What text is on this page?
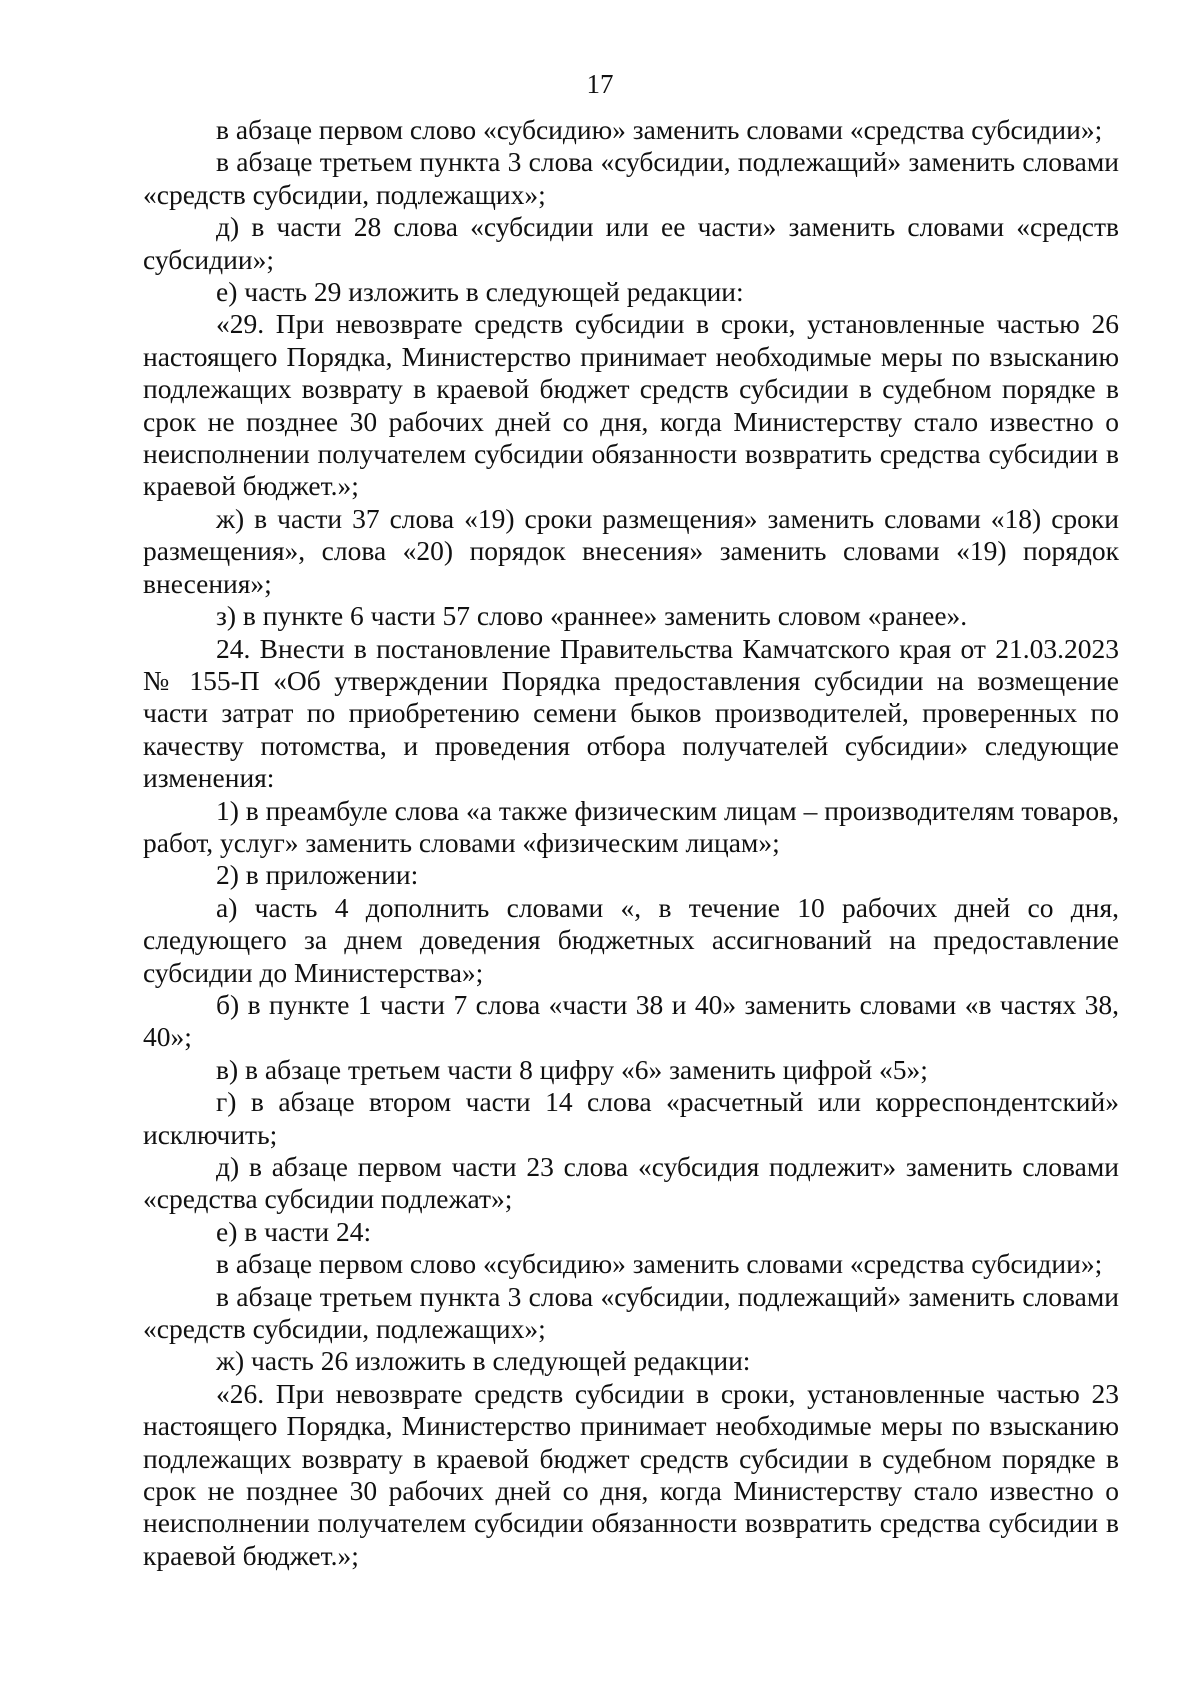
17

в абзаце первом слово «субсидию» заменить словами «средства субсидии»;

в абзаце третьем пункта 3 слова «субсидии, подлежащий» заменить словами «средств субсидии, подлежащих»;

д) в части 28 слова «субсидии или ее части» заменить словами «средств субсидии»;

е) часть 29 изложить в следующей редакции:

«29. При невозврате средств субсидии в сроки, установленные частью 26 настоящего Порядка, Министерство принимает необходимые меры по взысканию подлежащих возврату в краевой бюджет средств субсидии в судебном порядке в срок не позднее 30 рабочих дней со дня, когда Министерству стало известно о неисполнении получателем субсидии обязанности возвратить средства субсидии в краевой бюджет.»;

ж) в части 37 слова «19) сроки размещения» заменить словами «18) сроки размещения», слова «20) порядок внесения» заменить словами «19) порядок внесения»;

з) в пункте 6 части 57 слово «раннее» заменить словом «ранее».

24. Внести в постановление Правительства Камчатского края от 21.03.2023 № 155-П «Об утверждении Порядка предоставления субсидии на возмещение части затрат по приобретению семени быков производителей, проверенных по качеству потомства, и проведения отбора получателей субсидии» следующие изменения:

1) в преамбуле слова «а также физическим лицам – производителям товаров, работ, услуг» заменить словами «физическим лицам»;

2) в приложении:

а) часть 4 дополнить словами «, в течение 10 рабочих дней со дня, следующего за днем доведения бюджетных ассигнований на предоставление субсидии до Министерства»;

б) в пункте 1 части 7 слова «части 38 и 40» заменить словами «в частях 38, 40»;

в) в абзаце третьем части 8 цифру «6» заменить цифрой «5»;

г) в абзаце втором части 14 слова «расчетный или корреспондентский» исключить;

д) в абзаце первом части 23 слова «субсидия подлежит» заменить словами «средства субсидии подлежат»;

е) в части 24:

в абзаце первом слово «субсидию» заменить словами «средства субсидии»;

в абзаце третьем пункта 3 слова «субсидии, подлежащий» заменить словами «средств субсидии, подлежащих»;

ж) часть 26 изложить в следующей редакции:

«26. При невозврате средств субсидии в сроки, установленные частью 23 настоящего Порядка, Министерство принимает необходимые меры по взысканию подлежащих возврату в краевой бюджет средств субсидии в судебном порядке в срок не позднее 30 рабочих дней со дня, когда Министерству стало известно о неисполнении получателем субсидии обязанности возвратить средства субсидии в краевой бюджет.»;
